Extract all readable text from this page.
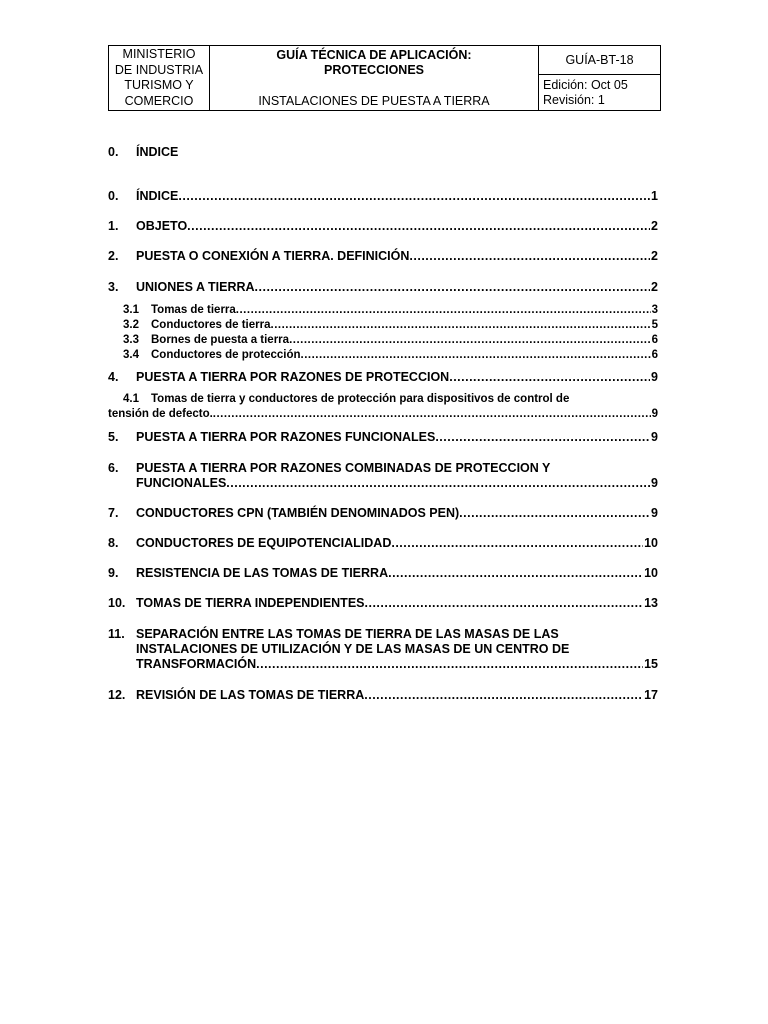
MINISTERIO
DE INDUSTRIA
TURISMO Y
COMERCIO

GUÍA TÉCNICA DE APLICACIÓN:
PROTECCIONES
INSTALACIONES DE PUESTA A TIERRA
	GUÍA-BT-18

Edición: Oct 05
Revisión: 1
0. ÍNDICE
0.	ÍNDICE .....	1
1.	OBJETO .....	2
2.	PUESTA O CONEXIÓN A TIERRA. DEFINICIÓN .....	2
3.	UNIONES A TIERRA .....	2
3.1	Tomas de tierra .....	3
3.2	Conductores de tierra .....	5
3.3	Bornes de puesta a tierra .....	6
3.4	Conductores de protección .....	6
4.	PUESTA A TIERRA POR RAZONES DE PROTECCION .....	9
4.1	Tomas de tierra y conductores de protección para dispositivos de control de
tensión de defecto. .....	9
5.	PUESTA A TIERRA POR RAZONES FUNCIONALES .....	9
6.	PUESTA A TIERRA POR RAZONES COMBINADAS DE PROTECCION Y
FUNCIONALES .....	9
7.	CONDUCTORES CPN (TAMBIÉN DENOMINADOS PEN) .....	9
8.	CONDUCTORES DE EQUIPOTENCIALIDAD .....	10
9.	RESISTENCIA DE LAS TOMAS DE TIERRA .....	10
10. TOMAS DE TIERRA INDEPENDIENTES .....	13
11. SEPARACIÓN ENTRE LAS TOMAS DE TIERRA DE LAS MASAS DE LAS
INSTALACIONES DE UTILIZACIÓN Y DE LAS MASAS DE UN CENTRO DE
TRANSFORMACIÓN .....	15
12. REVISIÓN DE LAS TOMAS DE TIERRA .....	17
